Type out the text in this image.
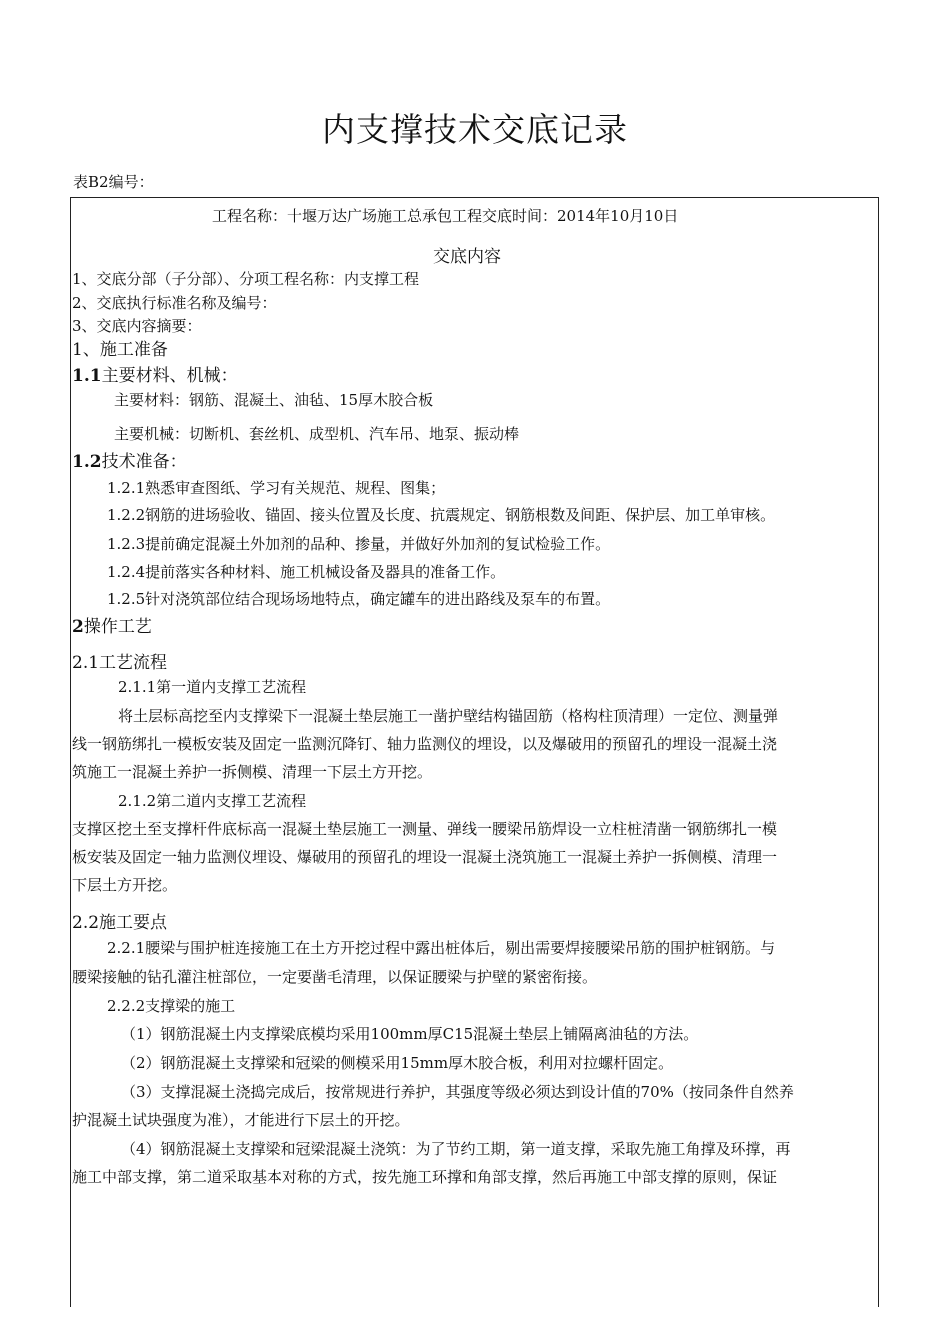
内支撑技术交底记录
表B2编号：
工程名称：十堰万达广场施工总承包工程交底时间：2014年10月10日
交底内容
1、交底分部（子分部）、分项工程名称：内支撑工程
2、交底执行标准名称及编号：
3、交底内容摘要：
1、施工准备
1.1主要材料、机械：
主要材料：钢筋、混凝土、油毡、15厚木胶合板
主要机械：切断机、套丝机、成型机、汽车吊、地泵、振动棒
1.2技术准备：
1.2.1熟悉审查图纸、学习有关规范、规程、图集；
1.2.2钢筋的进场验收、锚固、接头位置及长度、抗震规定、钢筋根数及间距、保护层、加工单审核。
1.2.3提前确定混凝土外加剂的品种、掺量，并做好外加剂的复试检验工作。
1.2.4提前落实各种材料、施工机械设备及器具的准备工作。
1.2.5针对浇筑部位结合现场场地特点，确定罐车的进出路线及泵车的布置。
2操作工艺
2.1工艺流程
2.1.1第一道内支撑工艺流程
将土层标高挖至内支撑梁下一混凝土垫层施工一凿护壁结构锚固筋（格构柱顶清理）一定位、测量弹
线一钢筋绑扎一模板安装及固定一监测沉降钉、轴力监测仪的埋设，以及爆破用的预留孔的埋设一混凝土浇
筑施工一混凝土养护一拆侧模、清理一下层土方开挖。
2.1.2第二道内支撑工艺流程
支撑区挖土至支撑杆件底标高一混凝土垫层施工一测量、弹线一腰梁吊筋焊设一立柱桩清凿一钢筋绑扎一模
板安装及固定一轴力监测仪埋设、爆破用的预留孔的埋设一混凝土浇筑施工一混凝土养护一拆侧模、清理一
下层土方开挖。
2.2施工要点
2.2.1腰梁与围护桩连接施工在土方开挖过程中露出桩体后，剔出需要焊接腰梁吊筋的围护桩钢筋。与
腰梁接触的钻孔灌注桩部位，一定要凿毛清理，以保证腰梁与护壁的紧密衔接。
2.2.2支撑梁的施工
（1）钢筋混凝土内支撑梁底模均采用100mm厚C15混凝土垫层上铺隔离油毡的方法。
（2）钢筋混凝土支撑梁和冠梁的侧模采用15mm厚木胶合板，利用对拉螺杆固定。
（3）支撑混凝土浇捣完成后，按常规进行养护，其强度等级必须达到设计值的70%（按同条件自然养
护混凝土试块强度为准），才能进行下层土的开挖。
（4）钢筋混凝土支撑梁和冠梁混凝土浇筑：为了节约工期，第一道支撑，采取先施工角撑及环撑，再
施工中部支撑，第二道采取基本对称的方式，按先施工环撑和角部支撑，然后再施工中部支撑的原则，保证
